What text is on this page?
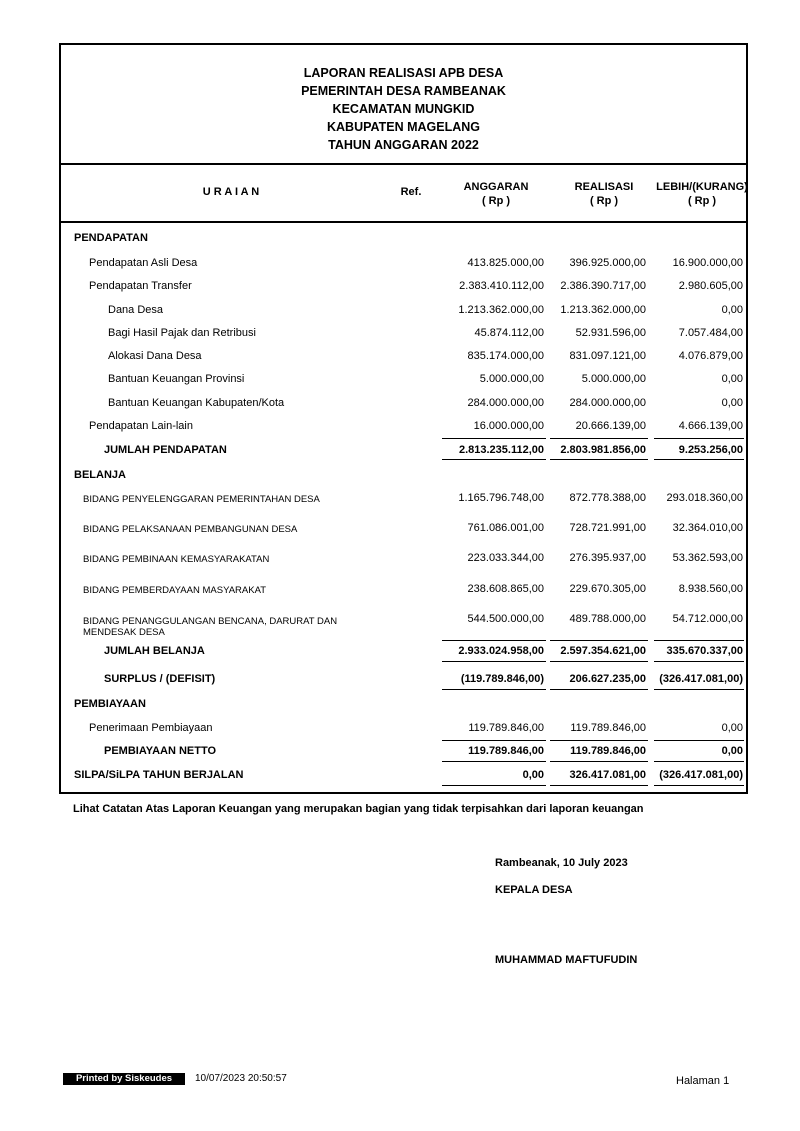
LAPORAN REALISASI APB DESA
PEMERINTAH DESA RAMBEANAK
KECAMATAN MUNGKID
KABUPATEN MAGELANG
TAHUN ANGGARAN 2022
U R A I A N	Ref.	ANGGARAN
( Rp )
REALISASI
( Rp )
LEBIH/(KURANG)
( Rp )
PENDAPATAN
Pendapatan Asli Desa	413.825.000,00	396.925.000,00	16.900.000,00
Pendapatan Transfer	2.383.410.112,00	2.386.390.717,00	2.980.605,00
Dana Desa	1.213.362.000,00	1.213.362.000,00	0,00
Bagi Hasil Pajak dan Retribusi	45.874.112,00	52.931.596,00	7.057.484,00
Alokasi Dana Desa	835.174.000,00	831.097.121,00	4.076.879,00
Bantuan Keuangan Provinsi	5.000.000,00	5.000.000,00	0,00
Bantuan Keuangan Kabupaten/Kota	284.000.000,00	284.000.000,00	0,00
Pendapatan Lain-lain	16.000.000,00	20.666.139,00	4.666.139,00
JUMLAH PENDAPATAN	2.813.235.112,00	2.803.981.856,00	9.253.256,00
BELANJA
BIDANG PENYELENGGARAN PEMERINTAHAN DESA	1.165.796.748,00	872.778.388,00	293.018.360,00
BIDANG PELAKSANAAN PEMBANGUNAN DESA	761.086.001,00	728.721.991,00	32.364.010,00
BIDANG PEMBINAAN KEMASYARAKATAN	223.033.344,00	276.395.937,00	53.362.593,00
BIDANG PEMBERDAYAAN MASYARAKAT	238.608.865,00	229.670.305,00	8.938.560,00
BIDANG PENANGGULANGAN BENCANA, DARURAT DAN
MENDESAK DESA
544.500.000,00	489.788.000,00	54.712.000,00
JUMLAH BELANJA	2.933.024.958,00	2.597.354.621,00	335.670.337,00
SURPLUS / (DEFISIT)	(119.789.846,00)	206.627.235,00	(326.417.081,00)
PEMBIAYAAN
Penerimaan Pembiayaan	119.789.846,00	119.789.846,00	0,00
PEMBIAYAAN NETTO	119.789.846,00	119.789.846,00	0,00
SILPA/SiLPA TAHUN BERJALAN	0,00	326.417.081,00	(326.417.081,00)
Lihat Catatan Atas Laporan Keuangan yang merupakan bagian yang tidak terpisahkan dari laporan keuangan
Rambeanak, 10 July 2023
KEPALA DESA
MUHAMMAD MAFTUFUDIN
Printed by Siskeudes	10/07/2023 20:50:57	Halaman 1
